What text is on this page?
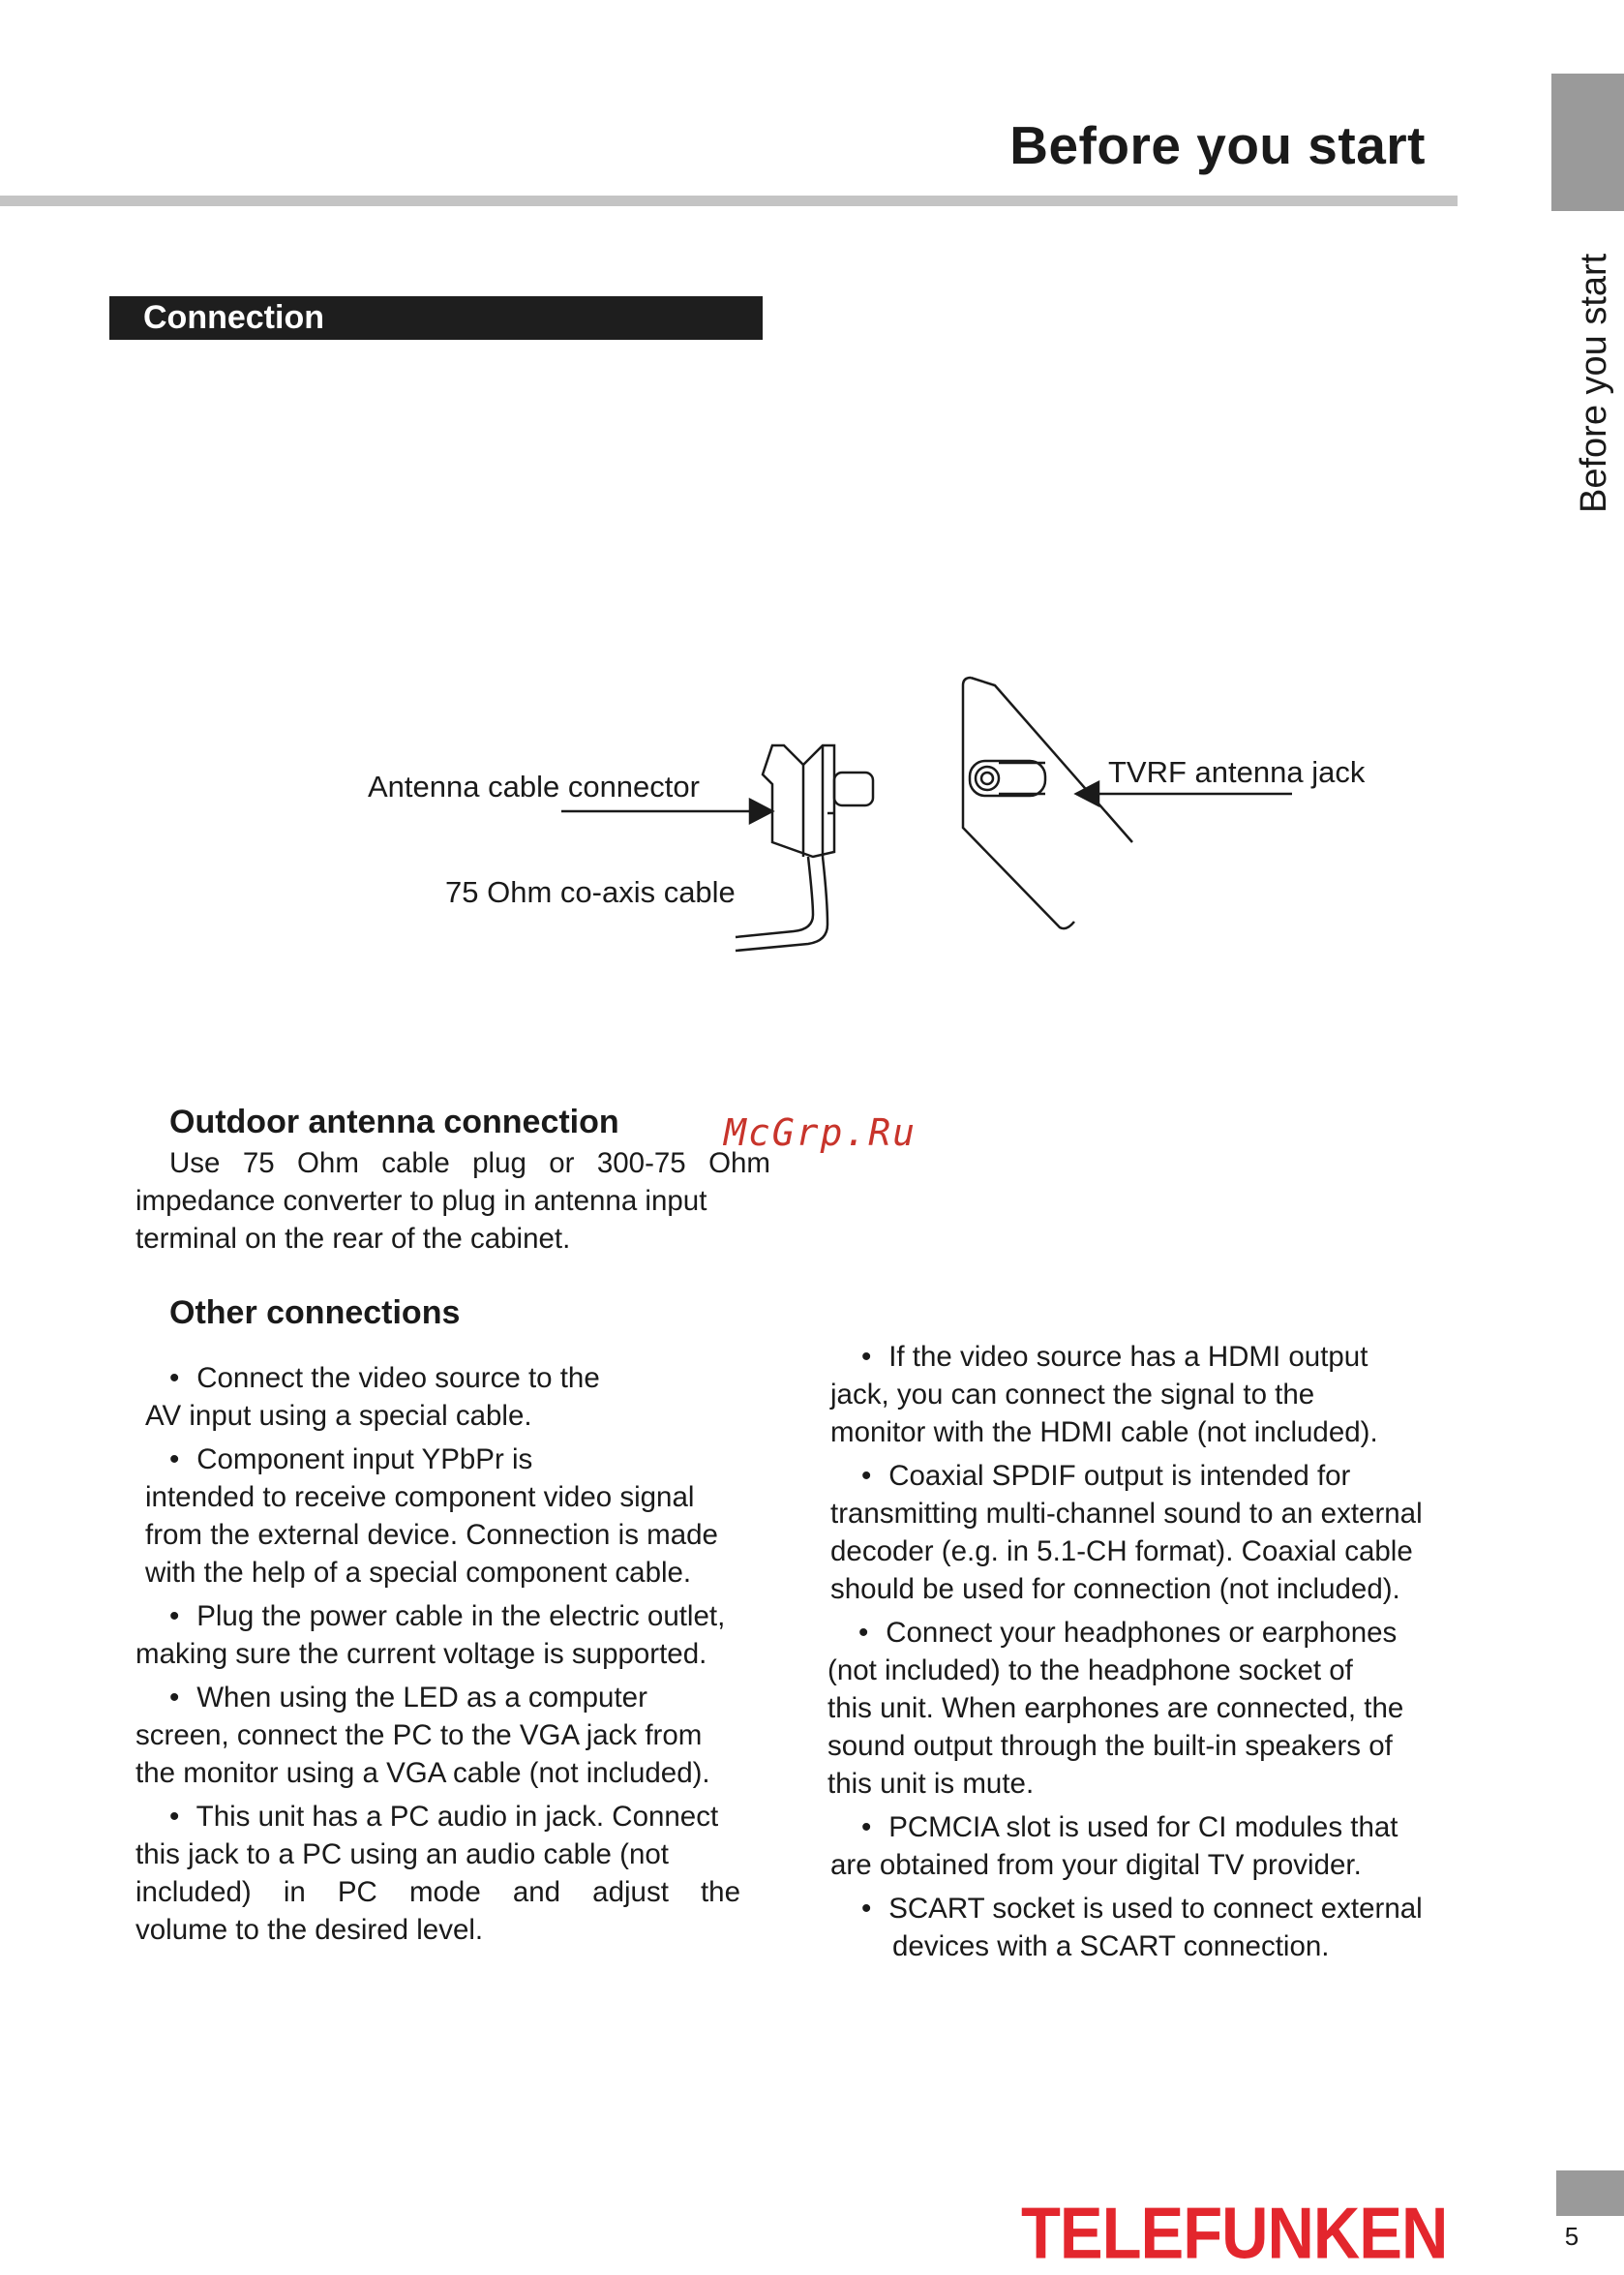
Before you start
Before you start
Connection
Antenna cable connector
75 Ohm co-axis cable
TVRF antenna jack
McGrp.Ru
Outdoor antenna connection
Use 75 Ohm cable plug or 300-75 Ohm
impedance converter to plug in antenna input
terminal on the rear of the cabinet.
Other connections
• Connect the video source to the
AV input using a special cable.
• Component input YPbPr is
intended to receive component video signal
from the external device. Connection is made
with the help of a special component cable.
• Plug the power cable in the electric outlet,
making sure the current voltage is supported.
• When using the LED as a computer
screen, connect the PC to the VGA jack from
the monitor using a VGA cable (not included).
• This unit has a PC audio in jack. Connect
this jack to a PC using an audio cable (not
included) in PC mode and adjust the
volume to the desired level.
• If the video source has a HDMI output
jack, you can connect the signal to the
monitor with the HDMI cable (not included).
• Coaxial SPDIF output is intended for
transmitting multi-channel sound to an external
decoder (e.g. in 5.1-CH format). Coaxial cable
should be used for connection (not included).
• Connect your headphones or earphones
(not included) to the headphone socket of
this unit. When earphones are connected, the
sound output through the built-in speakers of
this unit is mute.
• PCMCIA slot is used for CI modules that
are obtained from your digital TV provider.
• SCART socket is used to connect external
devices with a SCART connection.
TELEFUNKEN	5
